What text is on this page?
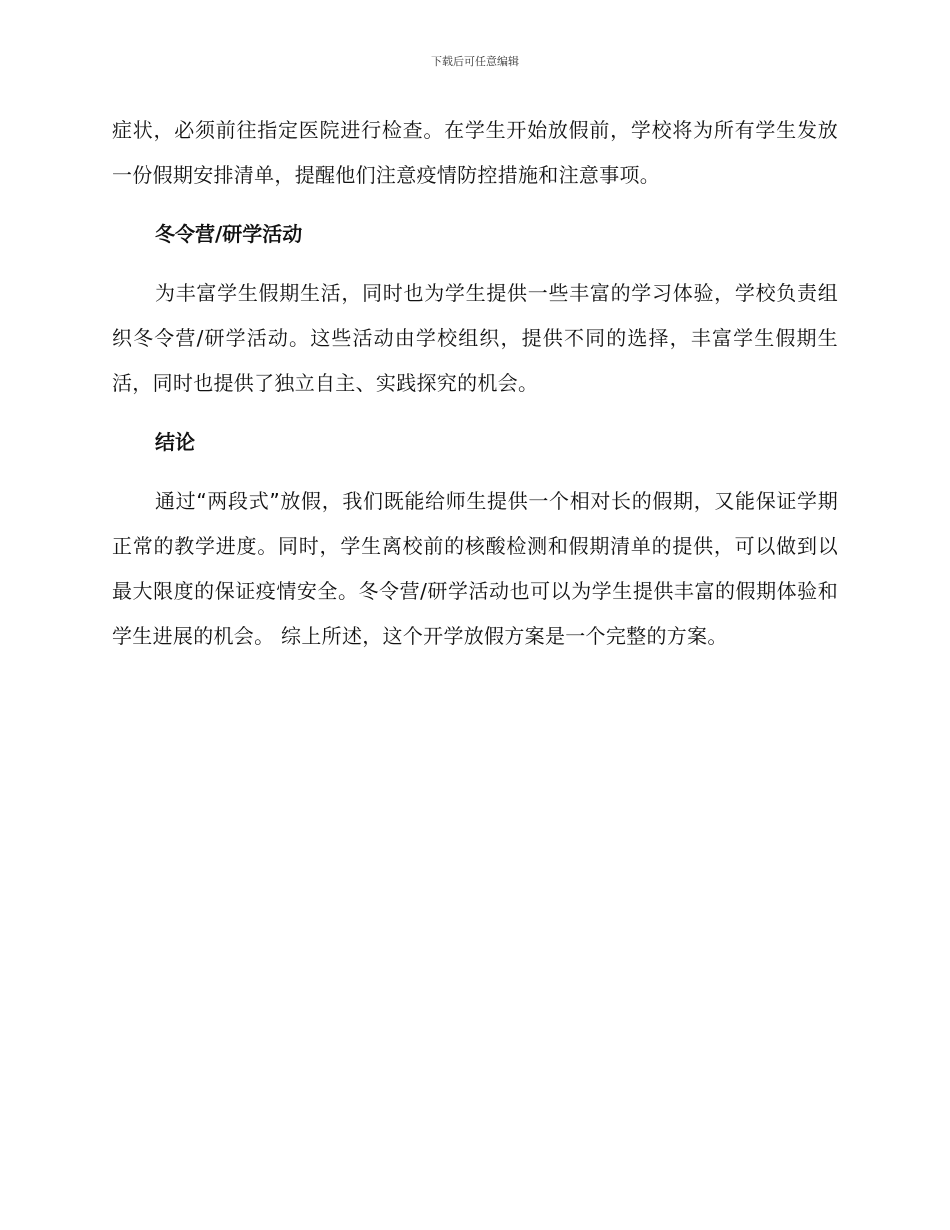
下载后可任意编辑

症状，必须前往指定医院进行检查。在学生开始放假前，学校将为所有学生发放一份假期安排清单，提醒他们注意疫情防控措施和注意事项。

冬令营/研学活动

为丰富学生假期生活，同时也为学生提供一些丰富的学习体验，学校负责组织冬令营/研学活动。这些活动由学校组织，提供不同的选择，丰富学生假期生活，同时也提供了独立自主、实践探究的机会。

结论

通过“两段式”放假，我们既能给师生提供一个相对长的假期，又能保证学期正常的教学进度。同时，学生离校前的核酸检测和假期清单的提供，可以做到以最大限度的保证疫情安全。冬令营/研学活动也可以为学生提供丰富的假期体验和学生进展的机会。 综上所述，这个开学放假方案是一个完整的方案。
